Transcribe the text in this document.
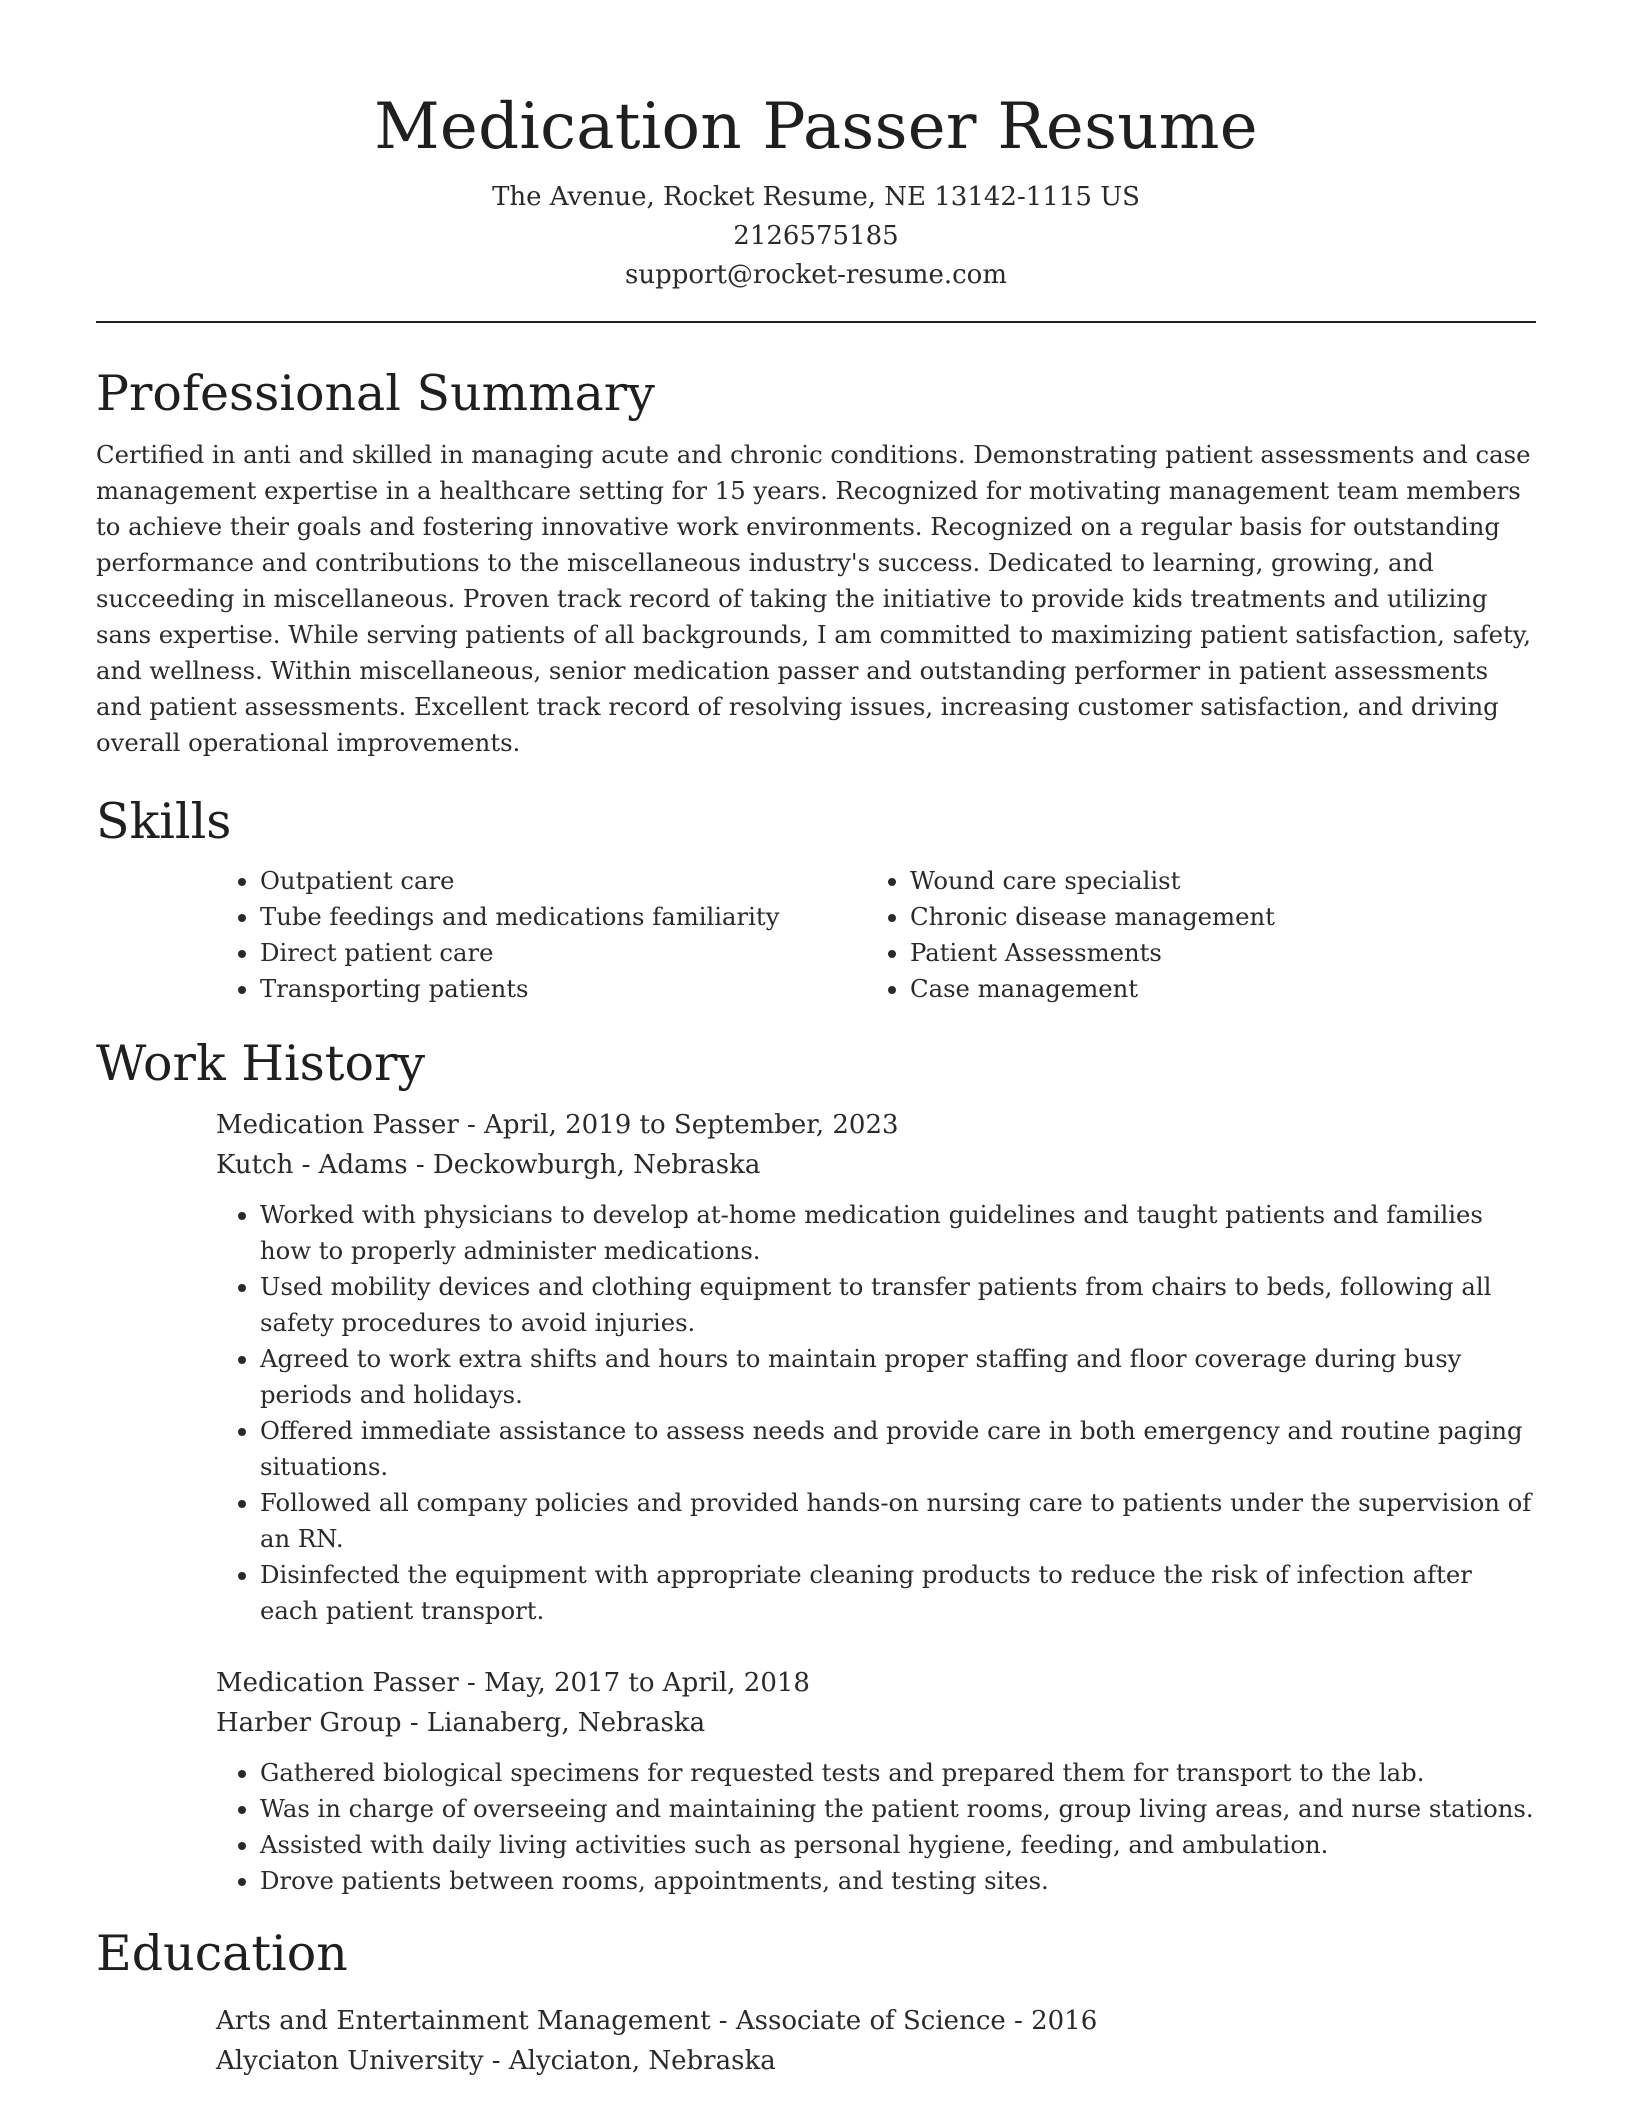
Medication Passer Resume
The Avenue, Rocket Resume, NE 13142-1115 US
2126575185
support@rocket-resume.com
Professional Summary

Certified in anti and skilled in managing acute and chronic conditions. Demonstrating patient assessments and case management expertise in a healthcare setting for 15 years. Recognized for motivating management team members to achieve their goals and fostering innovative work environments. Recognized on a regular basis for outstanding performance and contributions to the miscellaneous industry's success. Dedicated to learning, growing, and succeeding in miscellaneous. Proven track record of taking the initiative to provide kids treatments and utilizing sans expertise. While serving patients of all backgrounds, I am committed to maximizing patient satisfaction, safety, and wellness. Within miscellaneous, senior medication passer and outstanding performer in patient assessments and patient assessments. Excellent track record of resolving issues, increasing customer satisfaction, and driving overall operational improvements.

Skills
• Outpatient care
• Tube feedings and medications familiarity
• Direct patient care
• Transporting patients
• Wound care specialist
• Chronic disease management
• Patient Assessments
• Case management
Work History
Medication Passer - April, 2019 to September, 2023
Kutch - Adams - Deckowburgh, Nebraska
• Worked with physicians to develop at-home medication guidelines and taught patients and families how to properly administer medications.
• Used mobility devices and clothing equipment to transfer patients from chairs to beds, following all safety procedures to avoid injuries.
• Agreed to work extra shifts and hours to maintain proper staffing and floor coverage during busy periods and holidays.
• Offered immediate assistance to assess needs and provide care in both emergency and routine paging situations.
• Followed all company policies and provided hands-on nursing care to patients under the supervision of an RN.
• Disinfected the equipment with appropriate cleaning products to reduce the risk of infection after each patient transport.
Medication Passer - May, 2017 to April, 2018
Harber Group - Lianaberg, Nebraska
• Gathered biological specimens for requested tests and prepared them for transport to the lab.
• Was in charge of overseeing and maintaining the patient rooms, group living areas, and nurse stations.
• Assisted with daily living activities such as personal hygiene, feeding, and ambulation.
• Drove patients between rooms, appointments, and testing sites.
Education
Arts and Entertainment Management - Associate of Science - 2016
Alyciaton University - Alyciaton, Nebraska
